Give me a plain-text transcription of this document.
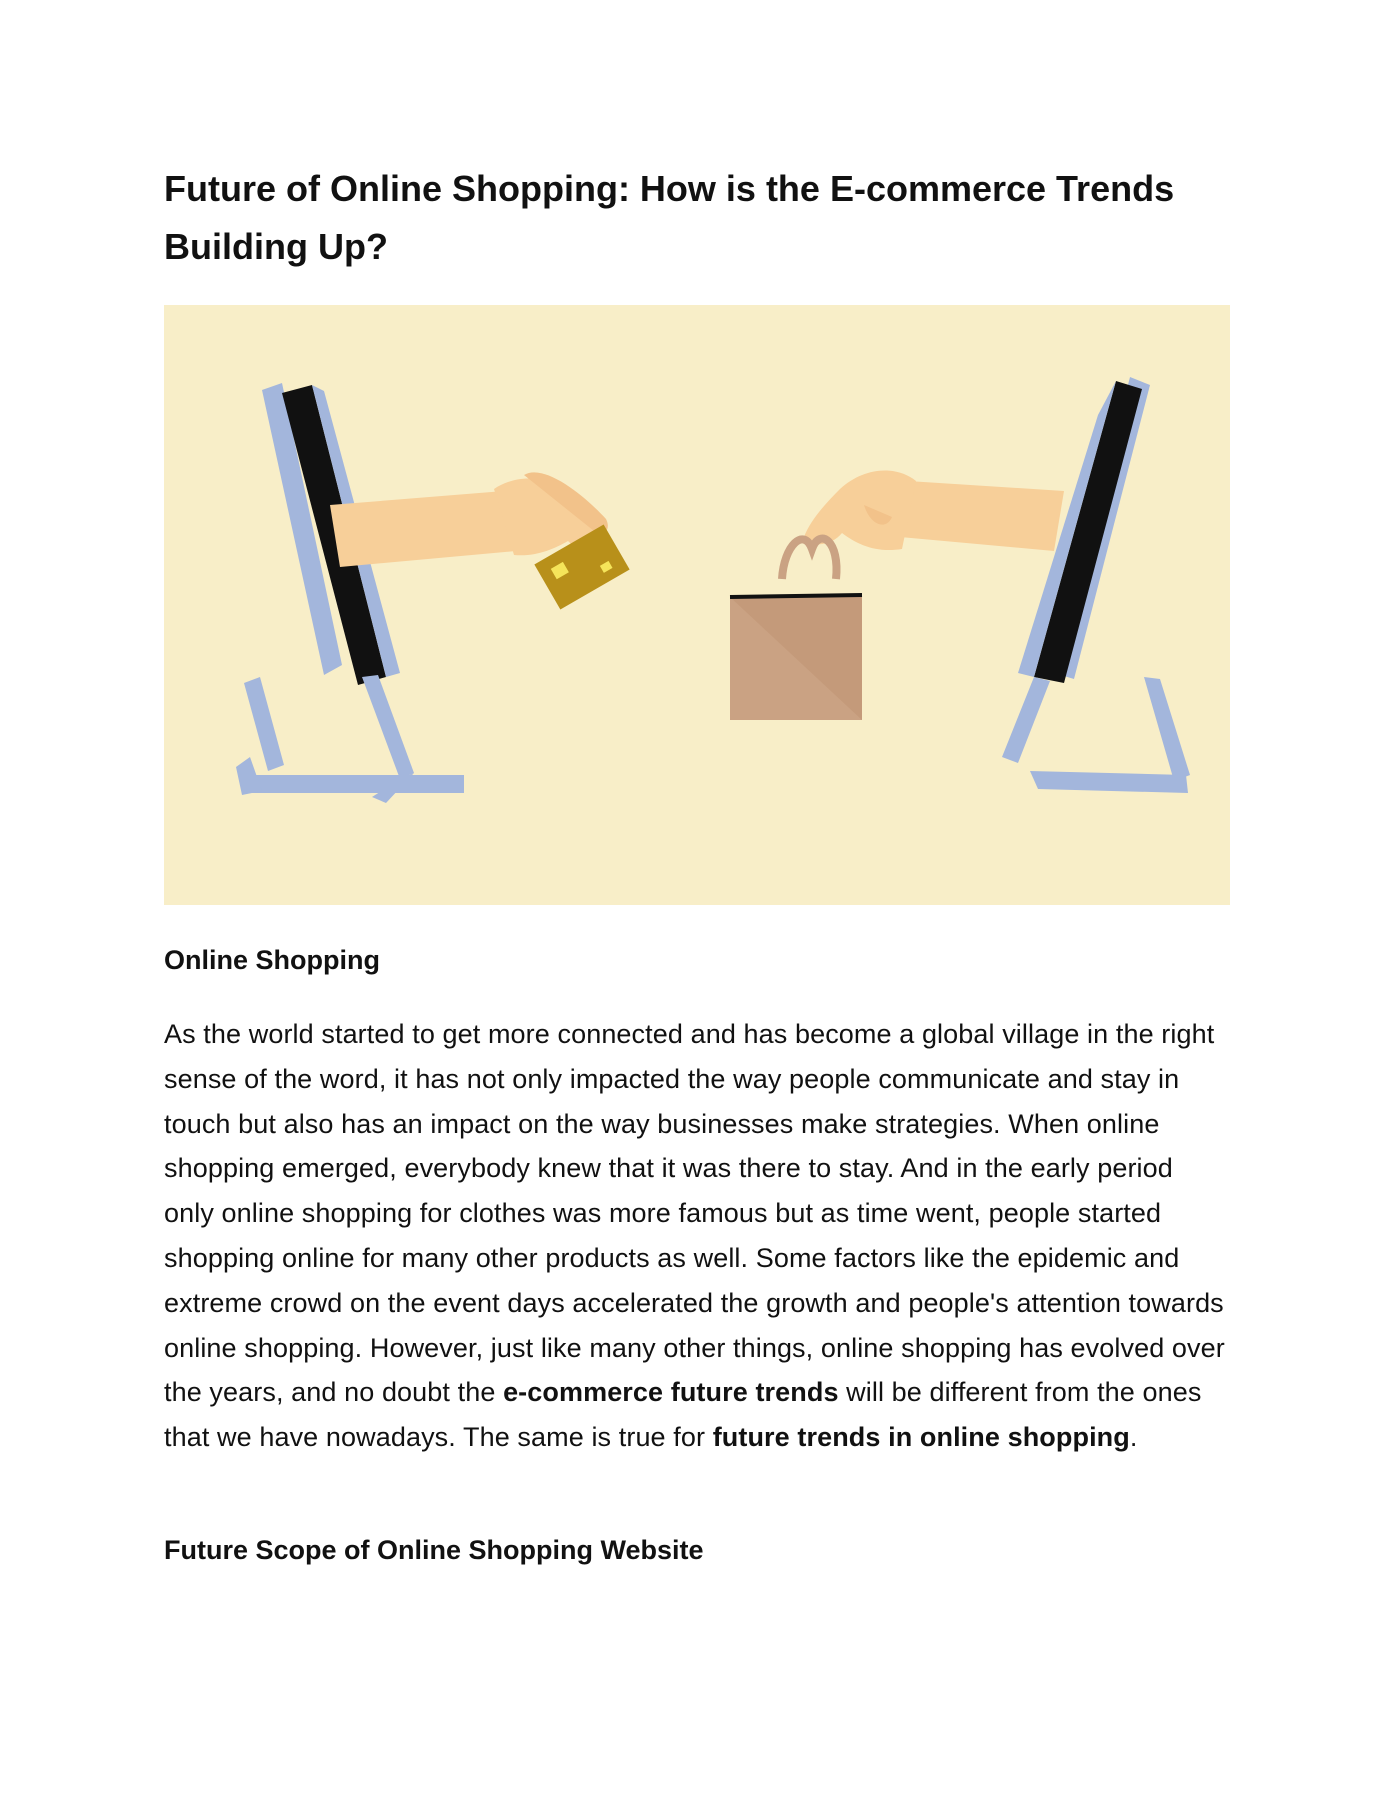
Future of Online Shopping: How is the E-commerce Trends Building Up?
Online Shopping

As the world started to get more connected and has become a global village in the right sense of the word, it has not only impacted the way people communicate and stay in touch but also has an impact on the way businesses make strategies. When online shopping emerged, everybody knew that it was there to stay. And in the early period only online shopping for clothes was more famous but as time went, people started shopping online for many other products as well. Some factors like the epidemic and extreme crowd on the event days accelerated the growth and people's attention towards online shopping. However, just like many other things, online shopping has evolved over the years, and no doubt the e-commerce future trends will be different from the ones that we have nowadays. The same is true for future trends in online shopping.

Future Scope of Online Shopping Website
